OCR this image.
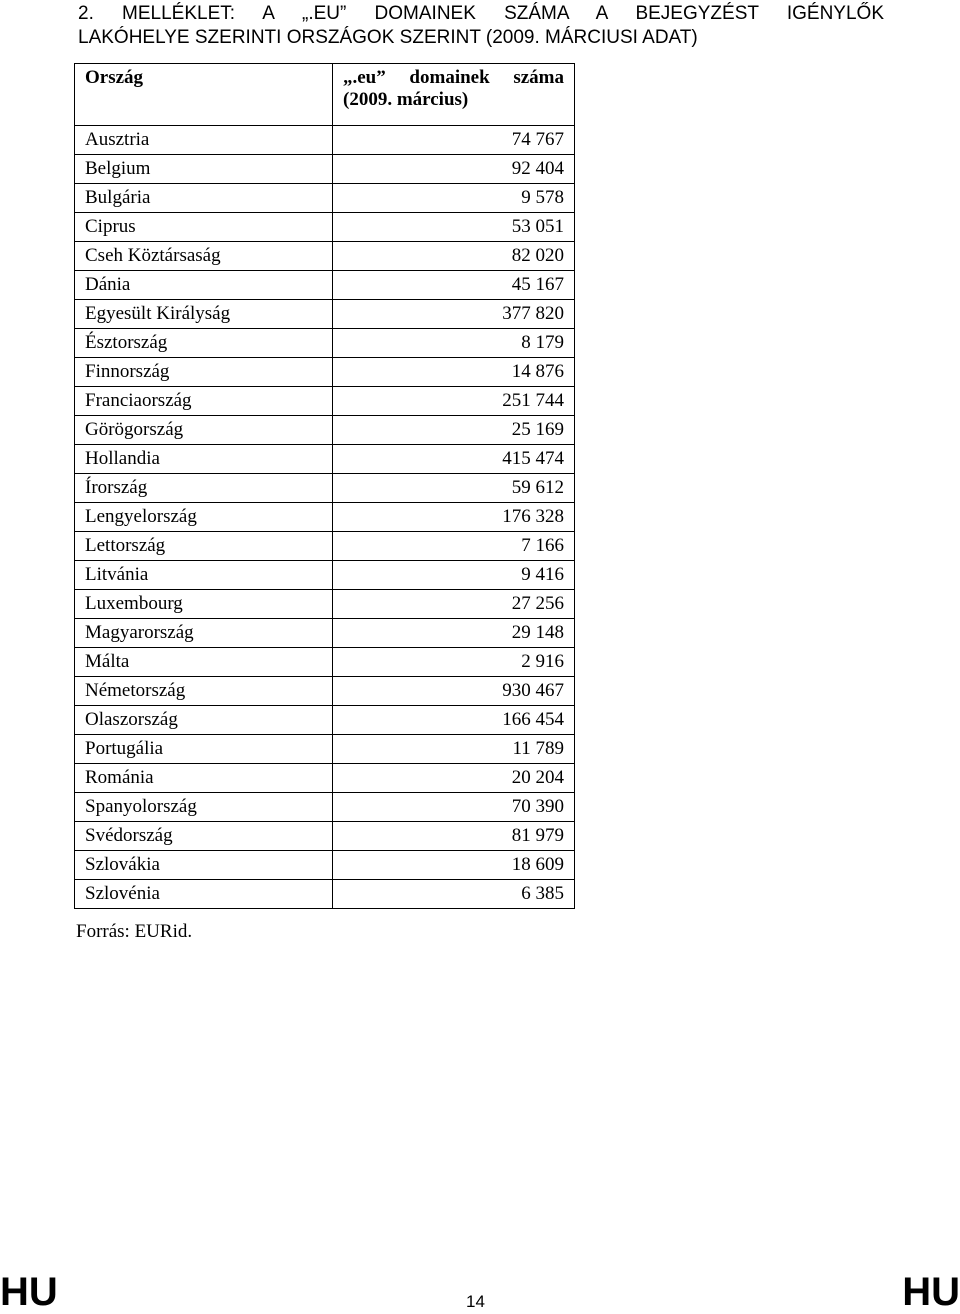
2. MELLÉKLET: A „.EU” DOMAINEK SZÁMA A BEJEGYZÉST IGÉNYLŐK
LAKÓHELYE SZERINTI ORSZÁGOK SZERINT (2009. MÁRCIUSI ADAT)
Ország	„.eu” domainek száma
(2009. március)

Ausztria	74 767
Belgium	92 404
Bulgária	9 578
Ciprus	53 051
Cseh Köztársaság	82 020
Dánia	45 167
Egyesült Királyság	377 820
Észtország	8 179
Finnország	14 876
Franciaország	251 744
Görögország	25 169
Hollandia	415 474
Írország	59 612
Lengyelország	176 328
Lettország	7 166
Litvánia	9 416
Luxembourg	27 256
Magyarország	29 148
Málta	2 916
Németország	930 467
Olaszország	166 454
Portugália	11 789
Románia	20 204
Spanyolország	70 390
Svédország	81 979
Szlovákia	18 609
Szlovénia	6 385
Forrás: EURid.
HU	14	HU
